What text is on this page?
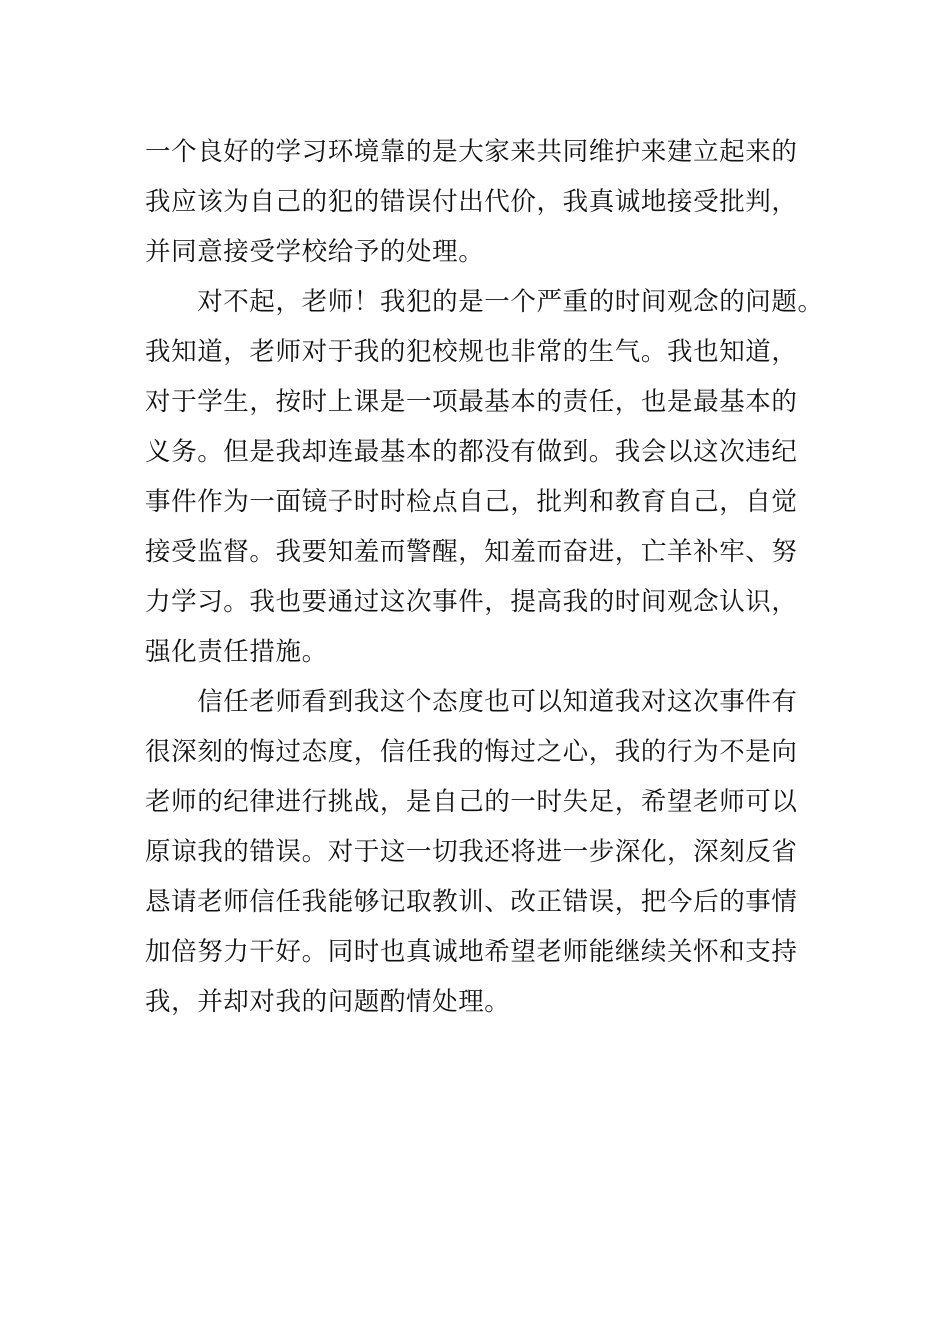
一个良好的学习环境靠的是大家来共同维护来建立起来的
我应该为自己的犯的错误付出代价，我真诚地接受批判，
并同意接受学校给予的处理。
　　对不起，老师！我犯的是一个严重的时间观念的问题。
我知道，老师对于我的犯校规也非常的生气。我也知道，
对于学生，按时上课是一项最基本的责任，也是最基本的
义务。但是我却连最基本的都没有做到。我会以这次违纪
事件作为一面镜子时时检点自己，批判和教育自己，自觉
接受监督。我要知羞而警醒，知羞而奋进，亡羊补牢、努
力学习。我也要通过这次事件，提高我的时间观念认识，
强化责任措施。
　　信任老师看到我这个态度也可以知道我对这次事件有
很深刻的悔过态度，信任我的悔过之心，我的行为不是向
老师的纪律进行挑战，是自己的一时失足，希望老师可以
原谅我的错误。对于这一切我还将进一步深化，深刻反省
恳请老师信任我能够记取教训、改正错误，把今后的事情
加倍努力干好。同时也真诚地希望老师能继续关怀和支持
我，并却对我的问题酌情处理。
